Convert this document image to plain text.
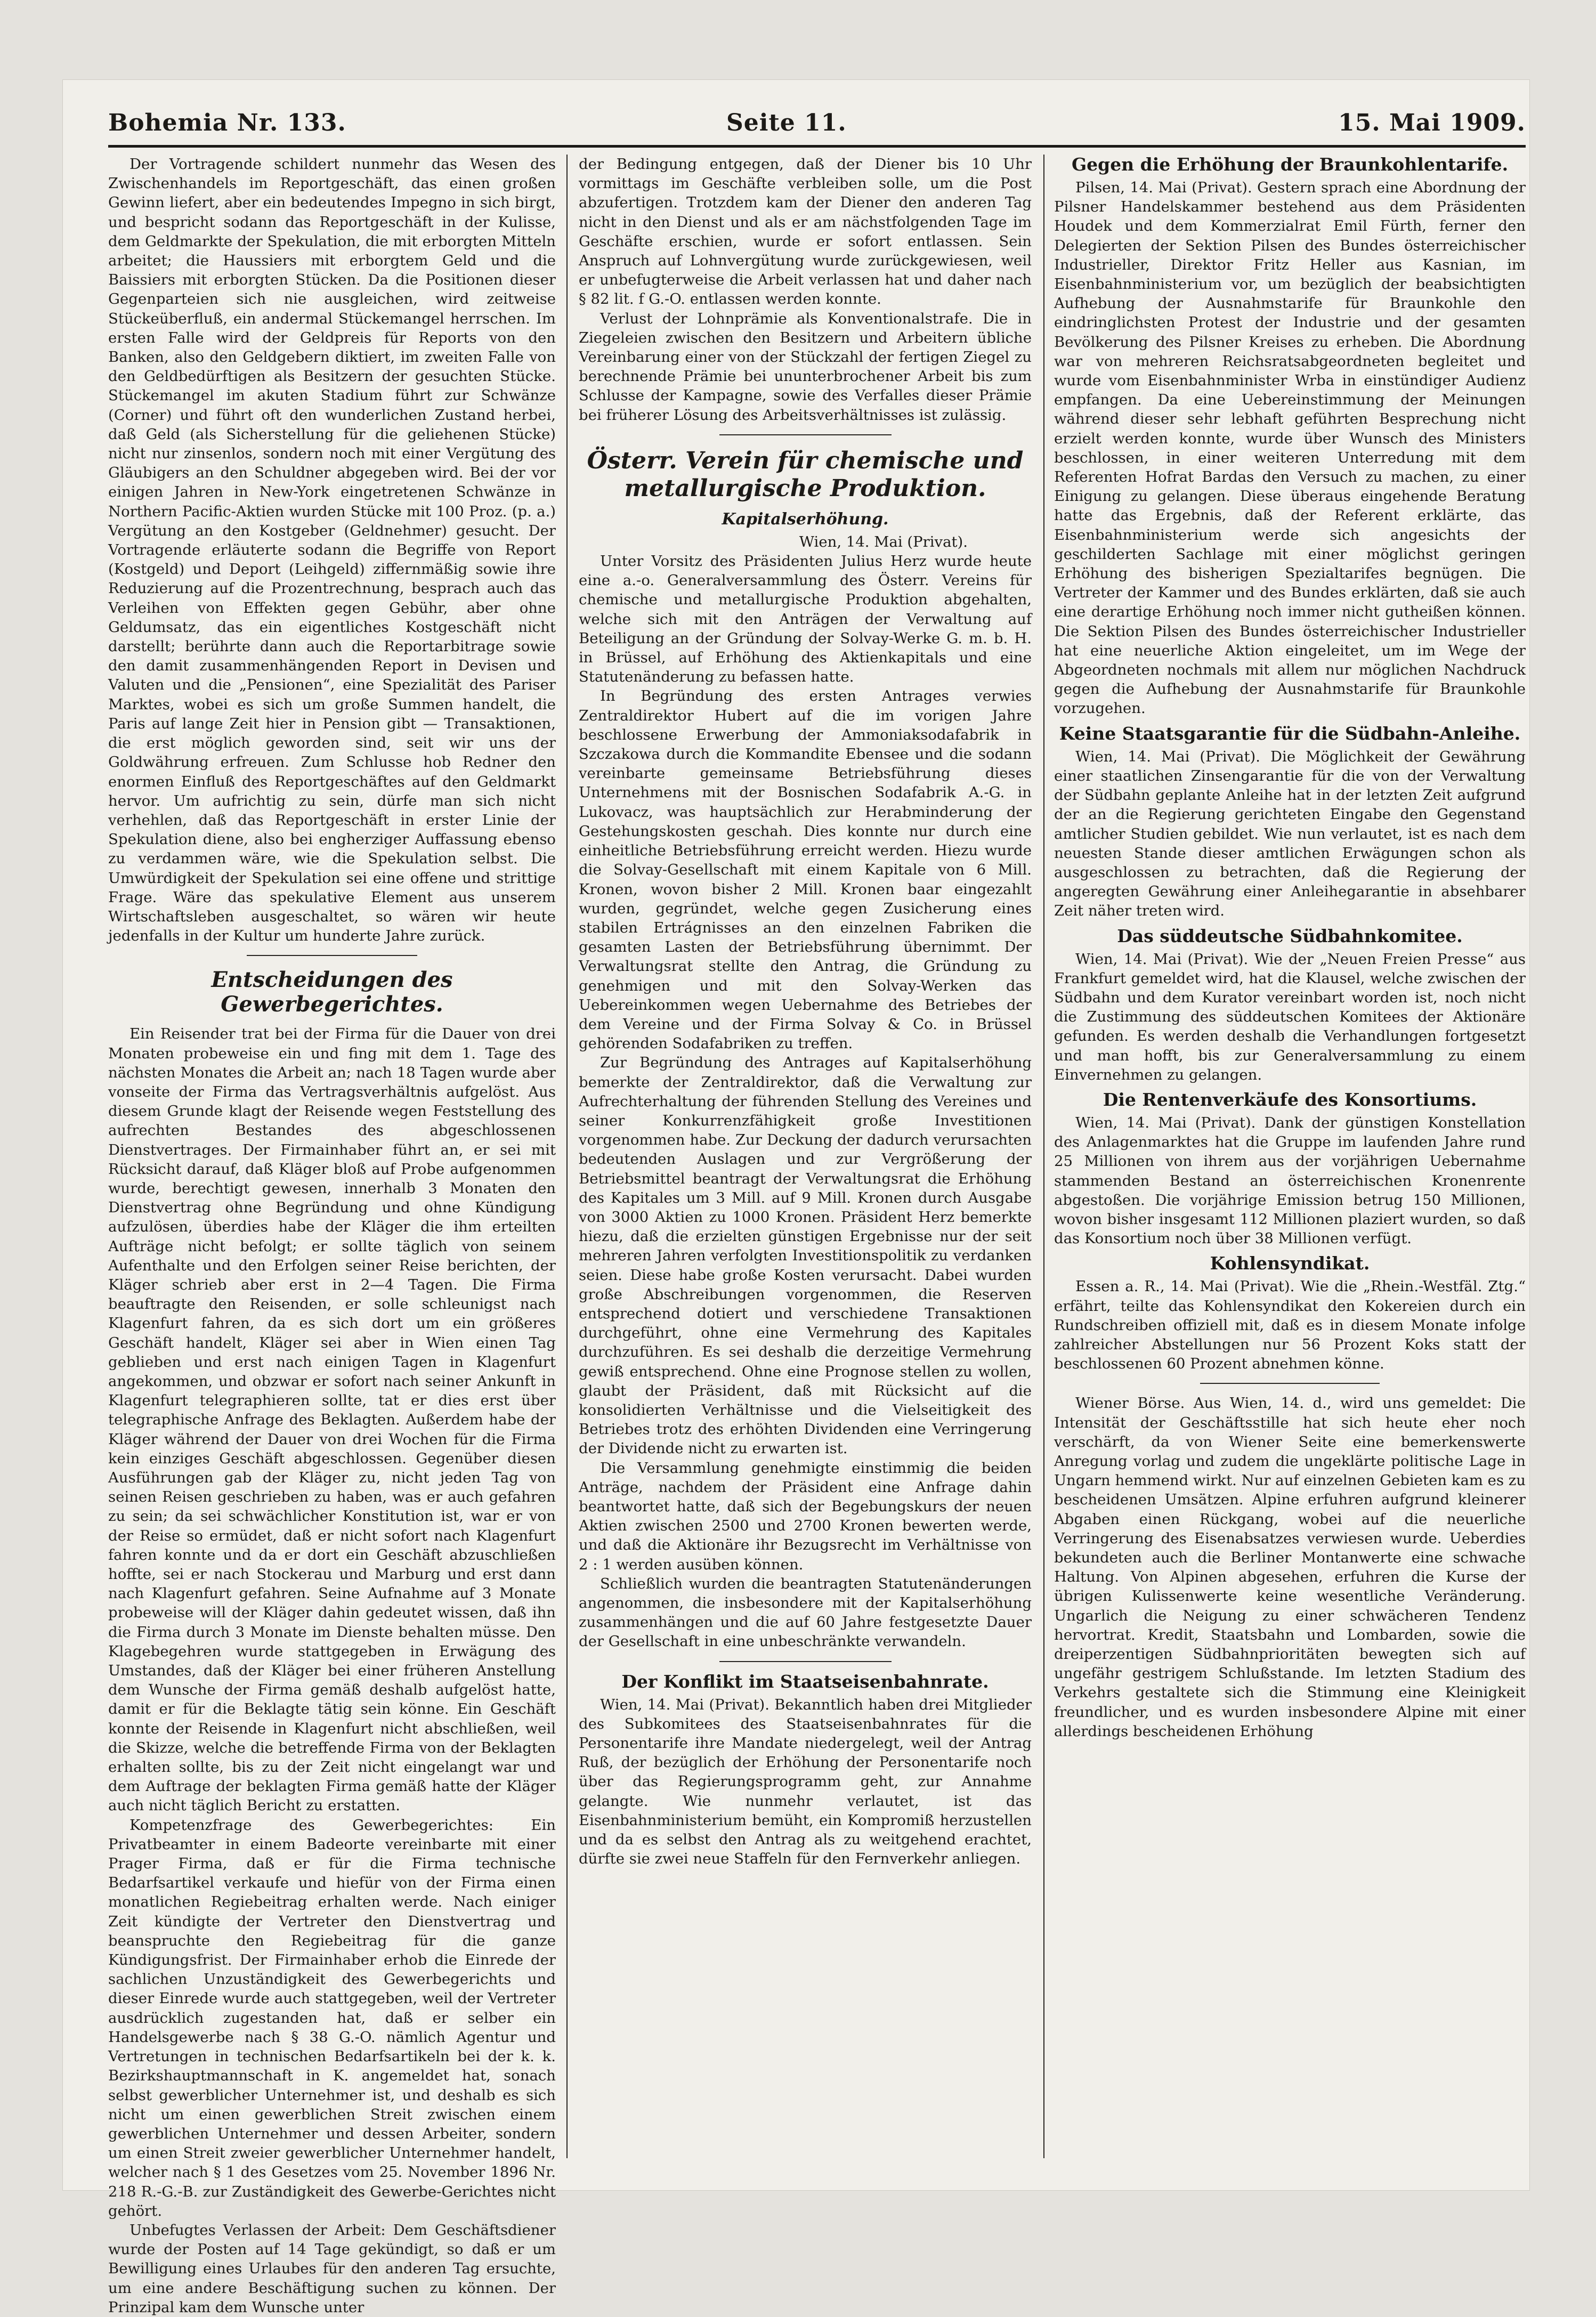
Bohemia Nr. 133.	Seite 11.	15. Mai 1909.

Der Vortragende schildert nunmehr das Wesen des Zwischenhandels im Reportgeschäft, das einen großen Gewinn liefert, aber ein bedeutendes Impegno in sich birgt, und bespricht sodann das Reportgeschäft in der Kulisse, dem Geldmarkte der Spekulation, die mit erborgten Mitteln arbeitet; die Haussiers mit erborgtem Geld und die Baissiers mit erborgten Stücken. Da die Positionen dieser Gegenparteien sich nie ausgleichen, wird zeitweise Stückeüberfluß, ein andermal Stückemangel herrschen. Im ersten Falle wird der Geldpreis für Reports von den Banken, also den Geldgebern diktiert, im zweiten Falle von den Geldbedürftigen als Besitzern der gesuchten Stücke. Stückemangel im akuten Stadium führt zur Schwänze (Corner) und führt oft den wunderlichen Zustand herbei, daß Geld (als Sicherstellung für die geliehenen Stücke) nicht nur zinsenlos, sondern noch mit einer Vergütung des Gläubigers an den Schuldner abgegeben wird. Bei der vor einigen Jahren in New-York eingetretenen Schwänze in Northern Pacific-Aktien wurden Stücke mit 100 Proz. (p. a.) Vergütung an den Kostgeber (Geldnehmer) gesucht. Der Vortragende erläuterte sodann die Begriffe von Report (Kostgeld) und Deport (Leihgeld) ziffernmäßig sowie ihre Reduzierung auf die Prozentrechnung, besprach auch das Verleihen von Effekten gegen Gebühr, aber ohne Geldumsatz, das ein eigentliches Kostgeschäft nicht darstellt; berührte dann auch die Reportarbitrage sowie den damit zusammenhängenden Report in Devisen und Valuten und die „Pensionen“, eine Spezialität des Pariser Marktes, wobei es sich um große Summen handelt, die Paris auf lange Zeit hier in Pension gibt — Transaktionen, die erst möglich geworden sind, seit wir uns der Goldwährung erfreuen. Zum Schlusse hob Redner den enormen Einfluß des Reportgeschäftes auf den Geldmarkt hervor. Um aufrichtig zu sein, dürfe man sich nicht verhehlen, daß das Reportgeschäft in erster Linie der Spekulation diene, also bei engherziger Auffassung ebenso zu verdammen wäre, wie die Spekulation selbst. Die Umwürdigkeit der Spekulation sei eine offene und strittige Frage. Wäre das spekulative Element aus unserem Wirtschaftsleben ausgeschaltet, so wären wir heute jedenfalls in der Kultur um hunderte Jahre zurück.

Entscheidungen des Gewerbegerichtes.

Ein Reisender trat bei der Firma für die Dauer von drei Monaten probeweise ein und fing mit dem 1. Tage des nächsten Monates die Arbeit an; nach 18 Tagen wurde aber vonseite der Firma das Vertragsverhältnis aufgelöst. Aus diesem Grunde klagt der Reisende wegen Feststellung des aufrechten Bestandes des abgeschlossenen Dienstvertrages. Der Firmainhaber führt an, er sei mit Rücksicht darauf, daß Kläger bloß auf Probe aufgenommen wurde, berechtigt gewesen, innerhalb 3 Monaten den Dienstvertrag ohne Begründung und ohne Kündigung aufzulösen, überdies habe der Kläger die ihm erteilten Aufträge nicht befolgt; er sollte täglich von seinem Aufenthalte und den Erfolgen seiner Reise berichten, der Kläger schrieb aber erst in 2—4 Tagen. Die Firma beauftragte den Reisenden, er solle schleunigst nach Klagenfurt fahren, da es sich dort um ein größeres Geschäft handelt, Kläger sei aber in Wien einen Tag geblieben und erst nach einigen Tagen in Klagenfurt angekommen, und obzwar er sofort nach seiner Ankunft in Klagenfurt telegraphieren sollte, tat er dies erst über telegraphische Anfrage des Beklagten. Außerdem habe der Kläger während der Dauer von drei Wochen für die Firma kein einziges Geschäft abgeschlossen. Gegenüber diesen Ausführungen gab der Kläger zu, nicht jeden Tag von seinen Reisen geschrieben zu haben, was er auch gefahren zu sein; da sei schwächlicher Konstitution ist, war er von der Reise so ermüdet, daß er nicht sofort nach Klagenfurt fahren konnte und da er dort ein Geschäft abzuschließen hoffte, sei er nach Stockerau und Marburg und erst dann nach Klagenfurt gefahren. Seine Aufnahme auf 3 Monate probeweise will der Kläger dahin gedeutet wissen, daß ihn die Firma durch 3 Monate im Dienste behalten müsse. Den Klagebegehren wurde stattgegeben in Erwägung des Umstandes, daß der Kläger bei einer früheren Anstellung dem Wunsche der Firma gemäß deshalb aufgelöst hatte, damit er für die Beklagte tätig sein könne. Ein Geschäft konnte der Reisende in Klagenfurt nicht abschließen, weil die Skizze, welche die betreffende Firma von der Beklagten erhalten sollte, bis zu der Zeit nicht eingelangt war und dem Auftrage der beklagten Firma gemäß hatte der Kläger auch nicht täglich Bericht zu erstatten.

Kompetenzfrage des Gewerbegerichtes: Ein Privatbeamter in einem Badeorte vereinbarte mit einer Prager Firma, daß er für die Firma technische Bedarfsartikel verkaufe und hiefür von der Firma einen monatlichen Regiebeitrag erhalten werde. Nach einiger Zeit kündigte der Vertreter den Dienstvertrag und beanspruchte den Regiebeitrag für die ganze Kündigungsfrist. Der Firmainhaber erhob die Einrede der sachlichen Unzuständigkeit des Gewerbegerichts und dieser Einrede wurde auch stattgegeben, weil der Vertreter ausdrücklich zugestanden hat, daß er selber ein Handelsgewerbe nach § 38 G.-O. nämlich Agentur und Vertretungen in technischen Bedarfsartikeln bei der k. k. Bezirkshauptmannschaft in K. angemeldet hat, sonach selbst gewerblicher Unternehmer ist, und deshalb es sich nicht um einen gewerblichen Streit zwischen einem gewerblichen Unternehmer und dessen Arbeiter, sondern um einen Streit zweier gewerblicher Unternehmer handelt, welcher nach § 1 des Gesetzes vom 25. November 1896 Nr. 218 R.-G.-B. zur Zuständigkeit des Gewerbe-Gerichtes nicht gehört.

Unbefugtes Verlassen der Arbeit: Dem Geschäftsdiener wurde der Posten auf 14 Tage gekündigt, so daß er um Bewilligung eines Urlaubes für den anderen Tag ersuchte, um eine andere Beschäftigung suchen zu können. Der Prinzipal kam dem Wunsche unter

der Bedingung entgegen, daß der Diener bis 10 Uhr vormittags im Geschäfte verbleiben solle, um die Post abzufertigen. Trotzdem kam der Diener den anderen Tag nicht in den Dienst und als er am nächstfolgenden Tage im Geschäfte erschien, wurde er sofort entlassen. Sein Anspruch auf Lohnvergütung wurde zurückgewiesen, weil er unbefugterweise die Arbeit verlassen hat und daher nach § 82 lit. f G.-O. entlassen werden konnte.

Verlust der Lohnprämie als Konventionalstrafe. Die in Ziegeleien zwischen den Besitzern und Arbeitern übliche Vereinbarung einer von der Stückzahl der fertigen Ziegel zu berechnende Prämie bei ununterbrochener Arbeit bis zum Schlusse der Kampagne, sowie des Verfalles dieser Prämie bei früherer Lösung des Arbeitsverhältnisses ist zulässig.

Österr. Verein für chemische und metallurgische Produktion.
Kapitalserhöhung.

Wien, 14. Mai (Privat).

Unter Vorsitz des Präsidenten Julius Herz wurde heute eine a.-o. Generalversammlung des Österr. Vereins für chemische und metallurgische Produktion abgehalten, welche sich mit den Anträgen der Verwaltung auf Beteiligung an der Gründung der Solvay-Werke G. m. b. H. in Brüssel, auf Erhöhung des Aktienkapitals und eine Statutenänderung zu befassen hatte.

In Begründung des ersten Antrages verwies Zentraldirektor Hubert auf die im vorigen Jahre beschlossene Erwerbung der Ammoniaksodafabrik in Szczakowa durch die Kommandite Ebensee und die sodann vereinbarte gemeinsame Betriebsführung dieses Unternehmens mit der Bosnischen Sodafabrik A.-G. in Lukovacz, was hauptsächlich zur Herabminderung der Gestehungskosten geschah. Dies konnte nur durch eine einheitliche Betriebsführung erreicht werden. Hiezu wurde die Solvay-Gesellschaft mit einem Kapitale von 6 Mill. Kronen, wovon bisher 2 Mill. Kronen baar eingezahlt wurden, gegründet, welche gegen Zusicherung eines stabilen Ertrágnisses an den einzelnen Fabriken die gesamten Lasten der Betriebsführung übernimmt. Der Verwaltungsrat stellte den Antrag, die Gründung zu genehmigen und mit den Solvay-Werken das Uebereinkommen wegen Uebernahme des Betriebes der dem Vereine und der Firma Solvay & Co. in Brüssel gehörenden Sodafabriken zu treffen.

Zur Begründung des Antrages auf Kapitalserhöhung bemerkte der Zentraldirektor, daß die Verwaltung zur Aufrechterhaltung der führenden Stellung des Vereines und seiner Konkurrenzfähigkeit große Investitionen vorgenommen habe. Zur Deckung der dadurch verursachten bedeutenden Auslagen und zur Vergrößerung der Betriebsmittel beantragt der Verwaltungsrat die Erhöhung des Kapitales um 3 Mill. auf 9 Mill. Kronen durch Ausgabe von 3000 Aktien zu 1000 Kronen. Präsident Herz bemerkte hiezu, daß die erzielten günstigen Ergebnisse nur der seit mehreren Jahren verfolgten Investitionspolitik zu verdanken seien. Diese habe große Kosten verursacht. Dabei wurden große Abschreibungen vorgenommen, die Reserven entsprechend dotiert und verschiedene Transaktionen durchgeführt, ohne eine Vermehrung des Kapitales durchzuführen. Es sei deshalb die derzeitige Vermehrung gewiß entsprechend. Ohne eine Prognose stellen zu wollen, glaubt der Präsident, daß mit Rücksicht auf die konsolidierten Verhältnisse und die Vielseitigkeit des Betriebes trotz des erhöhten Dividenden eine Verringerung der Dividende nicht zu erwarten ist.

Die Versammlung genehmigte einstimmig die beiden Anträge, nachdem der Präsident eine Anfrage dahin beantwortet hatte, daß sich der Begebungskurs der neuen Aktien zwischen 2500 und 2700 Kronen bewerten werde, und daß die Aktionäre ihr Bezugsrecht im Verhältnisse von 2 : 1 werden ausüben können.

Schließlich wurden die beantragten Statutenänderungen angenommen, die insbesondere mit der Kapitalserhöhung zusammenhängen und die auf 60 Jahre festgesetzte Dauer der Gesellschaft in eine unbeschränkte verwandeln.

Der Konflikt im Staatseisenbahnrate.

Wien, 14. Mai (Privat). Bekanntlich haben drei Mitglieder des Subkomitees des Staatseisenbahnrates für die Personentarife ihre Mandate niedergelegt, weil der Antrag Ruß, der bezüglich der Erhöhung der Personentarife noch über das Regierungsprogramm geht, zur Annahme gelangte. Wie nunmehr verlautet, ist das Eisenbahnministerium bemüht, ein Kompromiß herzustellen und da es selbst den Antrag als zu weitgehend erachtet, dürfte sie zwei neue Staffeln für den Fernverkehr anliegen.

Gegen die Erhöhung der Braunkohlentarife.

Pilsen, 14. Mai (Privat). Gestern sprach eine Abordnung der Pilsner Handelskammer bestehend aus dem Präsidenten Houdek und dem Kommerzialrat Emil Fürth, ferner den Delegierten der Sektion Pilsen des Bundes österreichischer Industrieller, Direktor Fritz Heller aus Kasnian, im Eisenbahnministerium vor, um bezüglich der beabsichtigten Aufhebung der Ausnahmstarife für Braunkohle den eindringlichsten Protest der Industrie und der gesamten Bevölkerung des Pilsner Kreises zu erheben. Die Abordnung war von mehreren Reichsratsabgeordneten begleitet und wurde vom Eisenbahnminister Wrba in einstündiger Audienz empfangen. Da eine Uebereinstimmung der Meinungen während dieser sehr lebhaft geführten Besprechung nicht erzielt werden konnte, wurde über Wunsch des Ministers beschlossen, in einer weiteren Unterredung mit dem Referenten Hofrat Bardas den Versuch zu machen, zu einer Einigung zu gelangen. Diese überaus eingehende Beratung hatte das Ergebnis, daß der Referent erklärte, das Eisenbahnministerium werde sich angesichts der geschilderten Sachlage mit einer möglichst geringen Erhöhung des bisherigen Spezialtarifes begnügen. Die Vertreter der Kammer und des Bundes erklärten, daß sie auch eine derartige Erhöhung noch immer nicht gutheißen können. Die Sektion Pilsen des Bundes österreichischer Industrieller hat eine neuerliche Aktion eingeleitet, um im Wege der Abgeordneten nochmals mit allem nur möglichen Nachdruck gegen die Aufhebung der Ausnahmstarife für Braunkohle vorzugehen.

Keine Staatsgarantie für die Südbahn-Anleihe.

Wien, 14. Mai (Privat). Die Möglichkeit der Gewährung einer staatlichen Zinsengarantie für die von der Verwaltung der Südbahn geplante Anleihe hat in der letzten Zeit aufgrund der an die Regierung gerichteten Eingabe den Gegenstand amtlicher Studien gebildet. Wie nun verlautet, ist es nach dem neuesten Stande dieser amtlichen Erwägungen schon als ausgeschlossen zu betrachten, daß die Regierung der angeregten Gewährung einer Anleihegarantie in absehbarer Zeit näher treten wird.

Das süddeutsche Südbahnkomitee.

Wien, 14. Mai (Privat). Wie der „Neuen Freien Presse“ aus Frankfurt gemeldet wird, hat die Klausel, welche zwischen der Südbahn und dem Kurator vereinbart worden ist, noch nicht die Zustimmung des süddeutschen Komitees der Aktionäre gefunden. Es werden deshalb die Verhandlungen fortgesetzt und man hofft, bis zur Generalversammlung zu einem Einvernehmen zu gelangen.

Die Rentenverkäufe des Konsortiums.

Wien, 14. Mai (Privat). Dank der günstigen Konstellation des Anlagenmarktes hat die Gruppe im laufenden Jahre rund 25 Millionen von ihrem aus der vorjährigen Uebernahme stammenden Bestand an österreichischen Kronenrente abgestoßen. Die vorjährige Emission betrug 150 Millionen, wovon bisher insgesamt 112 Millionen plaziert wurden, so daß das Konsortium noch über 38 Millionen verfügt.

Kohlensyndikat.

Essen a. R., 14. Mai (Privat). Wie die „Rhein.-Westfäl. Ztg.“ erfährt, teilte das Kohlensyndikat den Kokereien durch ein Rundschreiben offiziell mit, daß es in diesem Monate infolge zahlreicher Abstellungen nur 56 Prozent Koks statt der beschlossenen 60 Prozent abnehmen könne.

Wiener Börse. Aus Wien, 14. d., wird uns gemeldet: Die Intensität der Geschäftsstille hat sich heute eher noch verschärft, da von Wiener Seite eine bemerkenswerte Anregung vorlag und zudem die ungeklärte politische Lage in Ungarn hemmend wirkt. Nur auf einzelnen Gebieten kam es zu bescheidenen Umsätzen. Alpine erfuhren aufgrund kleinerer Abgaben einen Rückgang, wobei auf die neuerliche Verringerung des Eisenabsatzes verwiesen wurde. Ueberdies bekundeten auch die Berliner Montanwerte eine schwache Haltung. Von Alpinen abgesehen, erfuhren die Kurse der übrigen Kulissenwerte keine wesentliche Veränderung. Ungarlich die Neigung zu einer schwächeren Tendenz hervortrat. Kredit, Staatsbahn und Lombarden, sowie die dreiperzentigen Südbahnprioritäten bewegten sich auf ungefähr gestrigem Schlußstande. Im letzten Stadium des Verkehrs gestaltete sich die Stimmung eine Kleinigkeit freundlicher, und es wurden insbesondere Alpine mit einer allerdings bescheidenen Erhöhung
